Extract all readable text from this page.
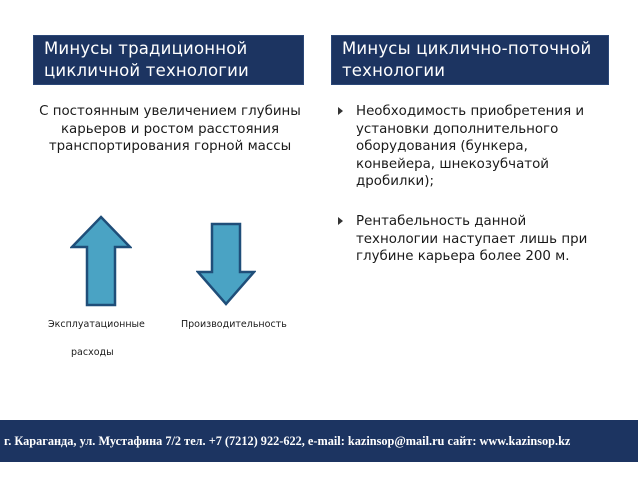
Минусы традиционной цикличной технологии
Минусы циклично-поточной технологии
С постоянным увеличением глубины карьеров и ростом расстояния транспортирования горной массы
Эксплуатационные
расходы
Производительность
Необходимость приобретения и установки дополнительного оборудования (бункера, конвейера, шнекозубчатой дробилки);
Рентабельность данной технологии наступает лишь при глубине карьера более 200 м.
г. Караганда, ул. Мустафина 7/2 тел. +7 (7212) 922-622, e-mail: kazinsop@mail.ru сайт: www.kazinsop.kz
